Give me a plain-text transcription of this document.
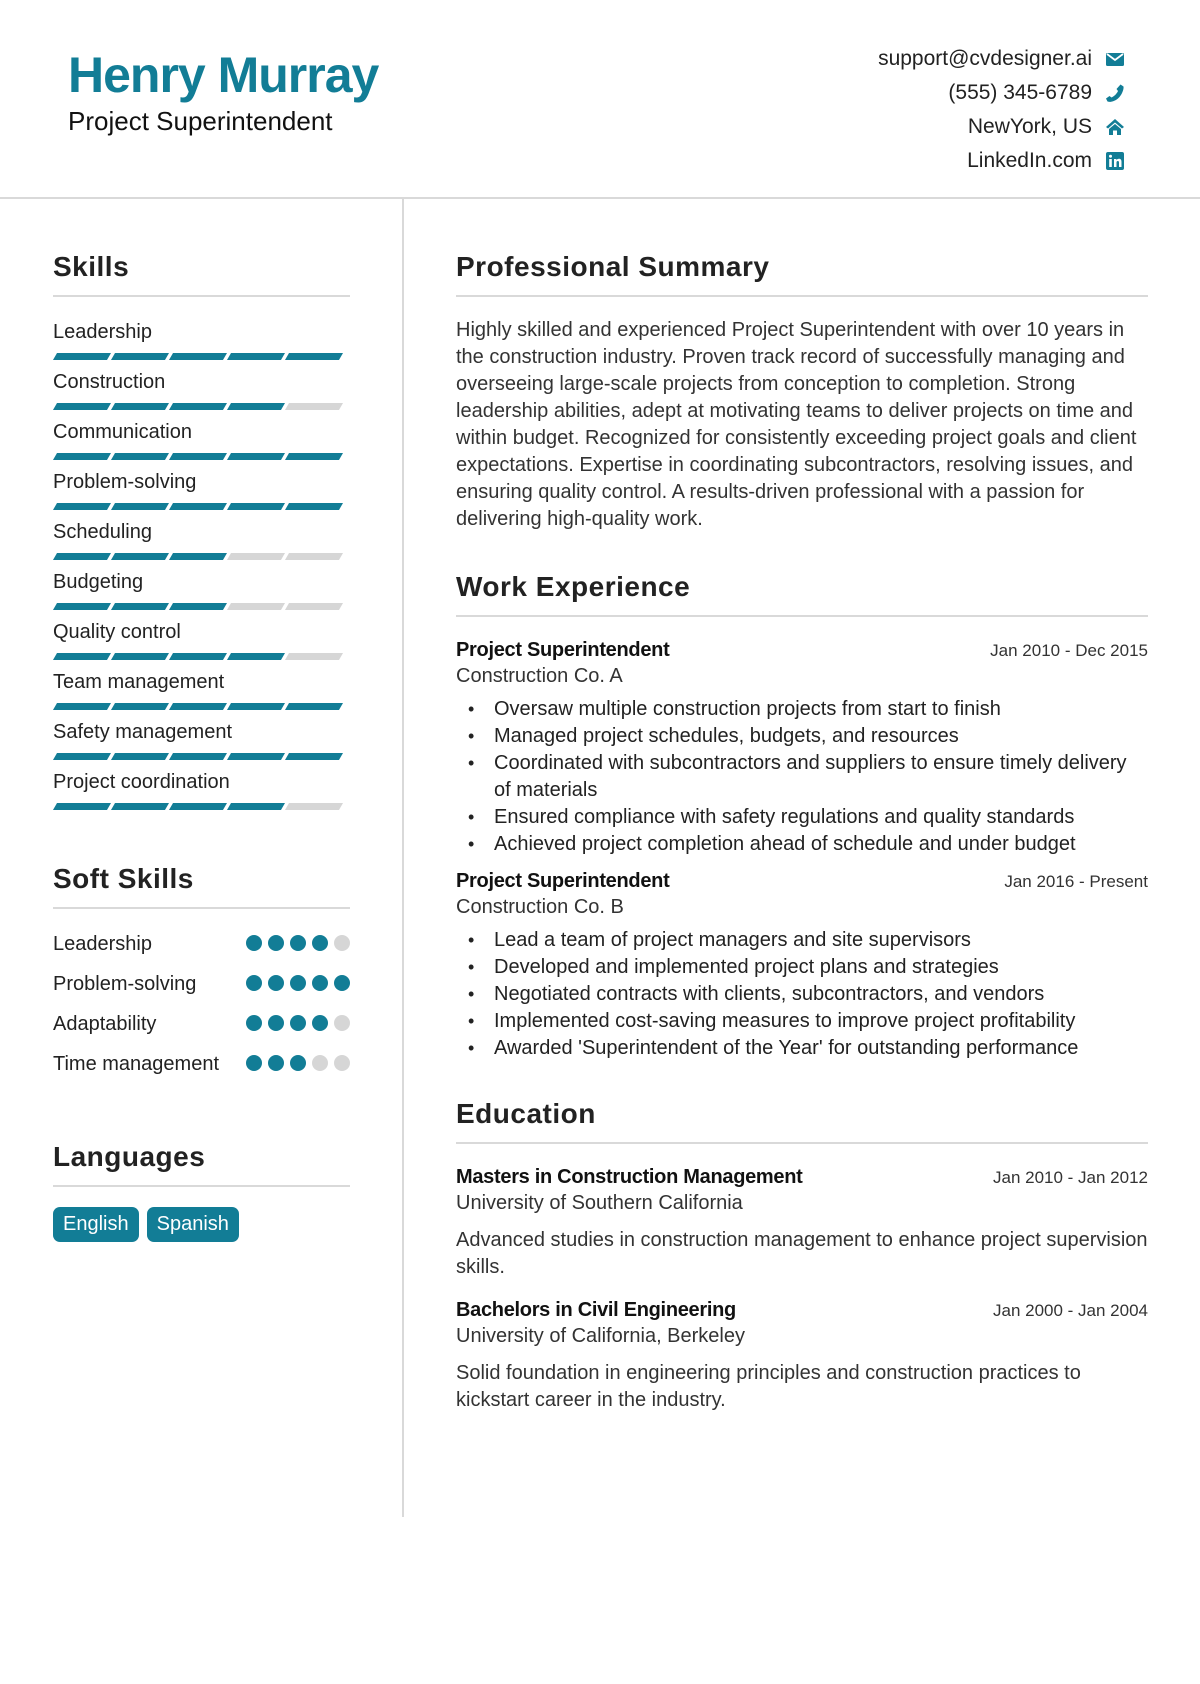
Henry Murray
Project Superintendent
support@cvdesigner.ai
(555) 345-6789
NewYork, US
LinkedIn.com
Skills
Leadership
Construction
Communication
Problem-solving
Scheduling
Budgeting
Quality control
Team management
Safety management
Project coordination
Soft Skills
Leadership
Problem-solving
Adaptability
Time management
Languages
English	Spanish
Professional Summary

Highly skilled and experienced Project Superintendent with over 10 years in the construction industry. Proven track record of successfully managing and overseeing large-scale projects from conception to completion. Strong leadership abilities, adept at motivating teams to deliver projects on time and within budget. Recognized for consistently exceeding project goals and client expectations. Expertise in coordinating subcontractors, resolving issues, and ensuring quality control. A results-driven professional with a passion for delivering high-quality work.

Work Experience
Project Superintendent	Jan 2010 - Dec 2015
Construction Co. A
• Oversaw multiple construction projects from start to finish
• Managed project schedules, budgets, and resources
• Coordinated with subcontractors and suppliers to ensure timely delivery of materials
• Ensured compliance with safety regulations and quality standards
• Achieved project completion ahead of schedule and under budget
Project Superintendent	Jan 2016 - Present
Construction Co. B
• Lead a team of project managers and site supervisors
• Developed and implemented project plans and strategies
• Negotiated contracts with clients, subcontractors, and vendors
• Implemented cost-saving measures to improve project profitability
• Awarded 'Superintendent of the Year' for outstanding performance
Education
Masters in Construction Management	Jan 2010 - Jan 2012
University of Southern California

Advanced studies in construction management to enhance project supervision skills.

Bachelors in Civil Engineering	Jan 2000 - Jan 2004
University of California, Berkeley

Solid foundation in engineering principles and construction practices to kickstart career in the industry.
